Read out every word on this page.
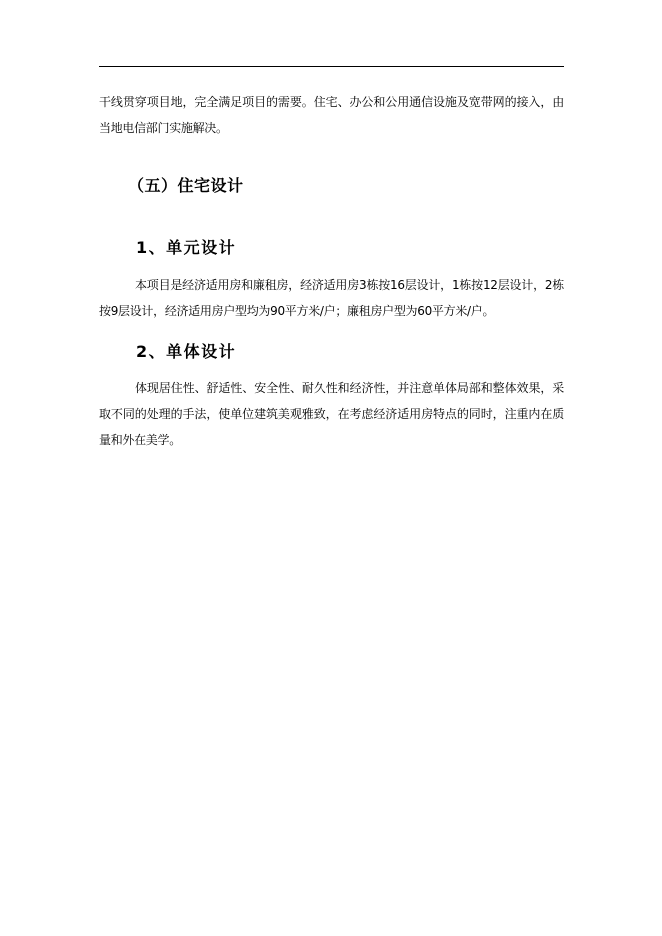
干线贯穿项目地，完全满足项目的需要。住宅、办公和公用通信设施及宽带网的接入，由当地电信部门实施解决。

（五）住宅设计
1、单元设计

本项目是经济适用房和廉租房，经济适用房3栋按16层设计，1栋按12层设计，2栋按9层设计，经济适用房户型均为90平方米/户；廉租房户型为60平方米/户。

2、单体设计

体现居住性、舒适性、安全性、耐久性和经济性，并注意单体局部和整体效果，采取不同的处理的手法，使单位建筑美观雅致，在考虑经济适用房特点的同时，注重内在质量和外在美学。
